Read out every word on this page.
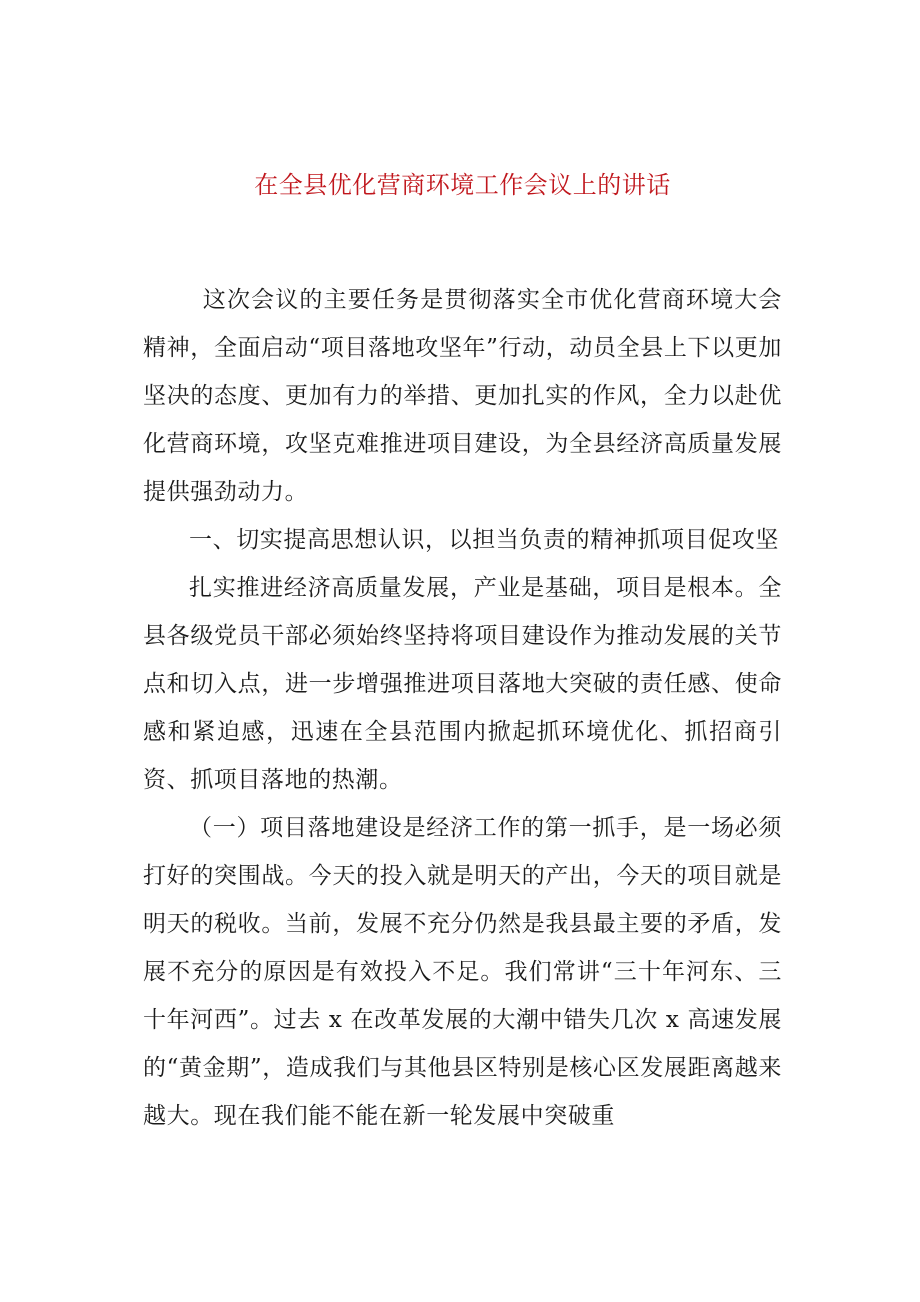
在全县优化营商环境工作会议上的讲话

这次会议的主要任务是贯彻落实全市优化营商环境大会精神，全面启动“项目落地攻坚年”行动，动员全县上下以更加坚决的态度、更加有力的举措、更加扎实的作风，全力以赴优化营商环境，攻坚克难推进项目建设，为全县经济高质量发展提供强劲动力。

一、切实提高思想认识，以担当负责的精神抓项目促攻坚

扎实推进经济高质量发展，产业是基础，项目是根本。全县各级党员干部必须始终坚持将项目建设作为推动发展的关节点和切入点，进一步增强推进项目落地大突破的责任感、使命感和紧迫感，迅速在全县范围内掀起抓环境优化、抓招商引资、抓项目落地的热潮。

（一）项目落地建设是经济工作的第一抓手，是一场必须打好的突围战。今天的投入就是明天的产出，今天的项目就是明天的税收。当前，发展不充分仍然是我县最主要的矛盾，发展不充分的原因是有效投入不足。我们常讲“三十年河东、三十年河西”。过去 x 在改革发展的大潮中错失几次 x 高速发展的“黄金期”，造成我们与其他县区特别是核心区发展距离越来越大。现在我们能不能在新一轮发展中突破重
